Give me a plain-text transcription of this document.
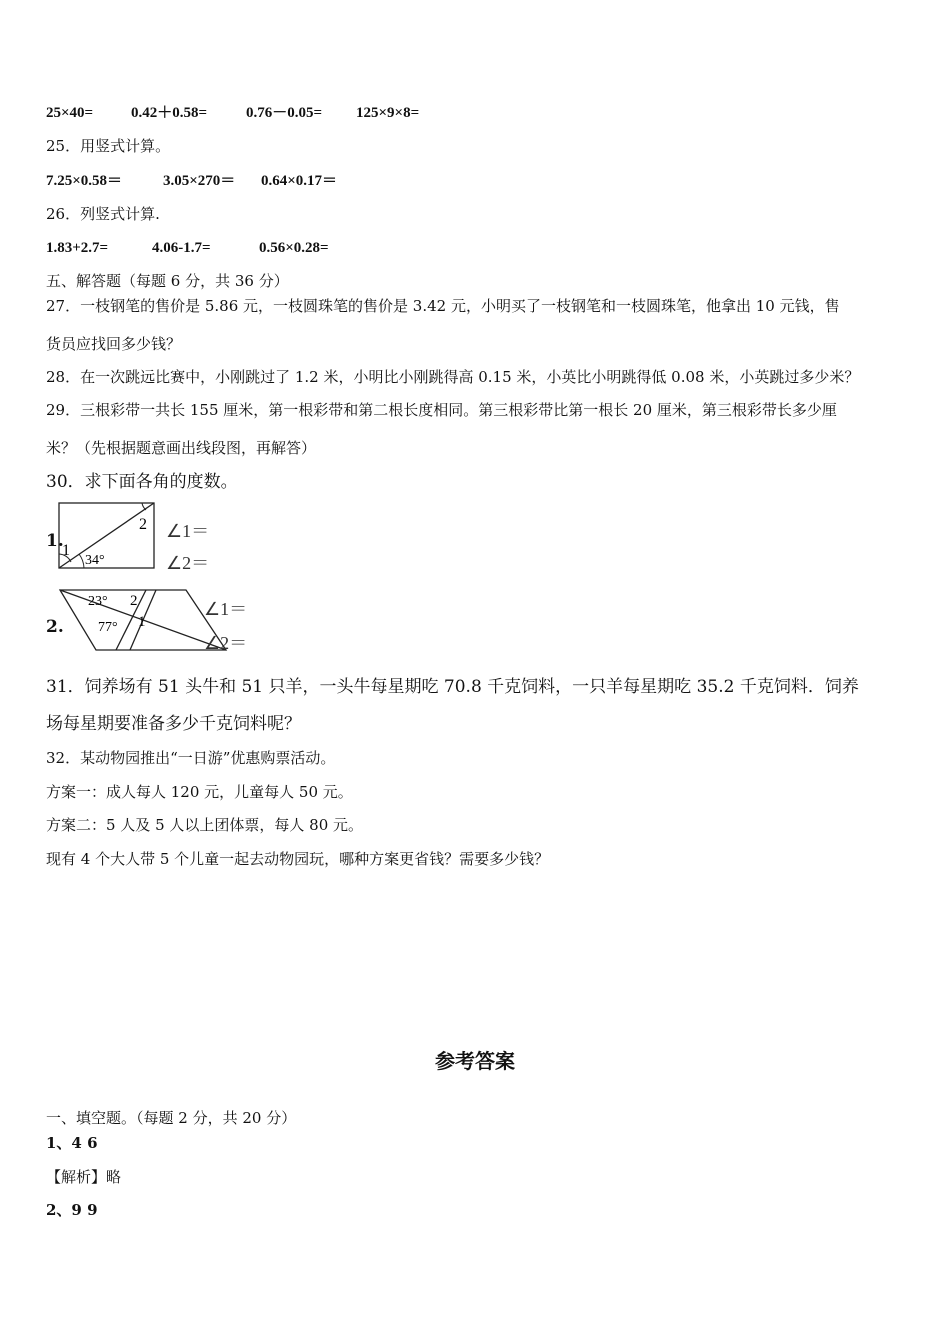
25×40=	0.42＋0.58=	0.76－0.05= 125×9×8=
25．用竖式计算。
7.25×0.58＝	3.05×270＝ 0.64×0.17＝
26．列竖式计算.
1.83+2.7=	4.06-1.7=	0.56×0.28=
五、解答题（每题 6 分，共 36 分）
27．一枝钢笔的售价是 5.86 元，一枝圆珠笔的售价是 3.42 元，小明买了一枝钢笔和一枝圆珠笔，他拿出 10 元钱，售
货员应找回多少钱？
28．在一次跳远比赛中，小刚跳过了 1.2 米，小明比小刚跳得高 0.15 米，小英比小明跳得低 0.08 米，小英跳过多少米？
29．三根彩带一共长 155 厘米，第一根彩带和第二根长度相同。第三根彩带比第一根长 20 厘米，第三根彩带长多少厘
米？（先根据题意画出线段图，再解答）
30．求下面各角的度数。
1.
1
2
34°
∠1＝
∠2＝
2.
23° 2
77° 1
∠1＝
∠2＝
31．饲养场有 51 头牛和 51 只羊，一头牛每星期吃 70.8 千克饲料，一只羊每星期吃 35.2 千克饲料．饲养
场每星期要准备多少千克饲料呢？
32．某动物园推出“一日游”优惠购票活动。
方案一：成人每人 120 元，儿童每人 50 元。
方案二：5 人及 5 人以上团体票，每人 80 元。
现有 4 个大人带 5 个儿童一起去动物园玩，哪种方案更省钱？需要多少钱？
参考答案
一、填空题。（每题 2 分，共 20 分）
1、4 6
【解析】略
2、9 9
